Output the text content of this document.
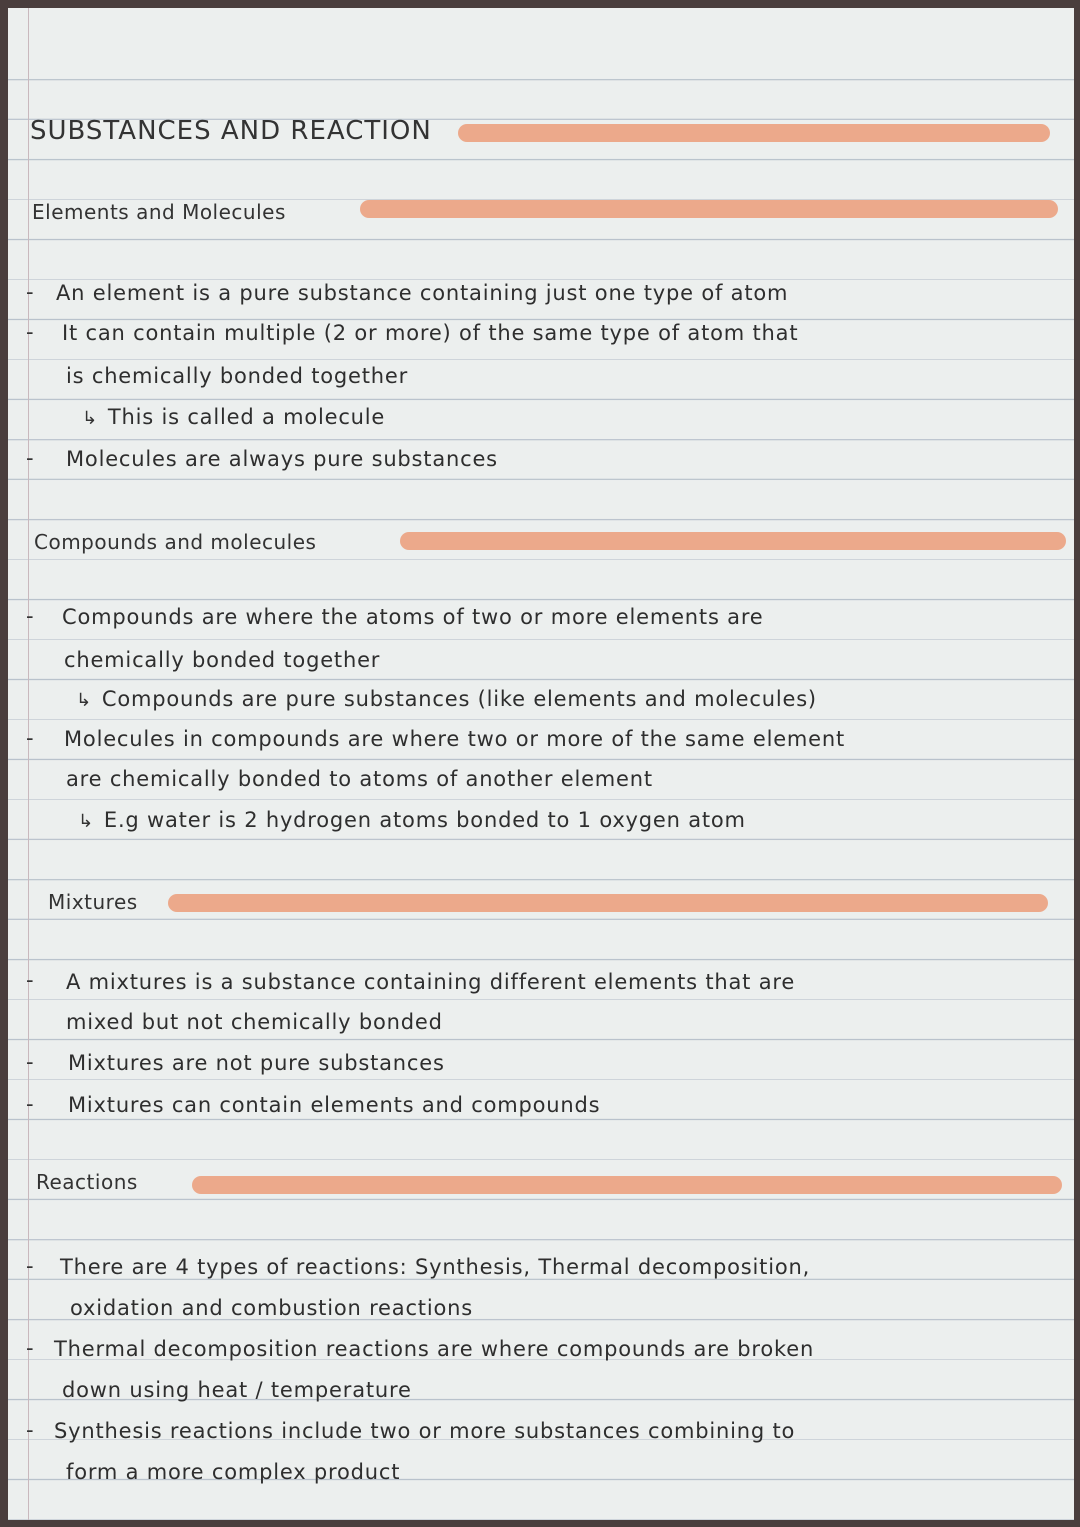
SUBSTANCES AND REACTION
Elements and Molecules
- An element is a pure substance containing just one type of atom
- It can contain multiple (2 or more) of the same type of atom that
is chemically bonded together
↳ This is called a molecule
- Molecules are always pure substances
Compounds and molecules
- Compounds are where the atoms of two or more elements are
chemically bonded together
↳ Compounds are pure substances (like elements and molecules)
- Molecules in compounds are where two or more of the same element
are chemically bonded to atoms of another element
↳ E.g water is 2 hydrogen atoms bonded to 1 oxygen atom
Mixtures
- A mixtures is a substance containing different elements that are
mixed but not chemically bonded
- Mixtures are not pure substances
- Mixtures can contain elements and compounds
Reactions
- There are 4 types of reactions: Synthesis, Thermal decomposition,
oxidation and combustion reactions
- Thermal decomposition reactions are where compounds are broken
down using heat / temperature
- Synthesis reactions include two or more substances combining to
form a more complex product
